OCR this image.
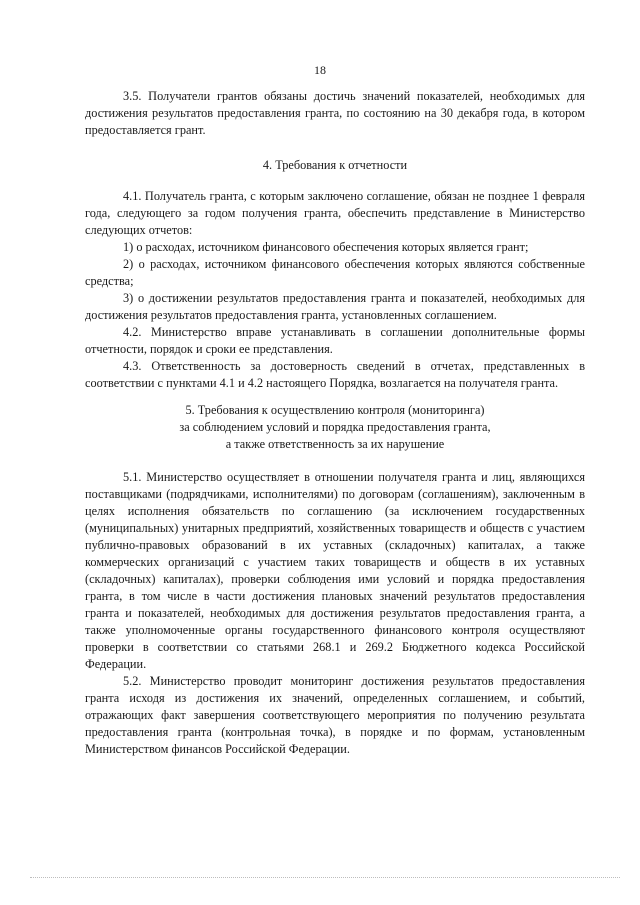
18

3.5. Получатели грантов обязаны достичь значений показателей, необходимых для достижения результатов предоставления гранта, по состоянию на 30 декабря года, в котором предоставляется грант.

4. Требования к отчетности

4.1. Получатель гранта, с которым заключено соглашение, обязан не позднее 1 февраля года, следующего за годом получения гранта, обеспечить представление в Министерство следующих отчетов:

1) о расходах, источником финансового обеспечения которых является грант;

2) о расходах, источником финансового обеспечения которых являются собственные средства;

3) о достижении результатов предоставления гранта и показателей, необходимых для достижения результатов предоставления гранта, установленных соглашением.

4.2. Министерство вправе устанавливать в соглашении дополнительные формы отчетности, порядок и сроки ее представления.

4.3. Ответственность за достоверность сведений в отчетах, представленных в соответствии с пунктами 4.1 и 4.2 настоящего Порядка, возлагается на получателя гранта.

5. Требования к осуществлению контроля (мониторинга)
за соблюдением условий и порядка предоставления гранта,
а также ответственность за их нарушение

5.1. Министерство осуществляет в отношении получателя гранта и лиц, являющихся поставщиками (подрядчиками, исполнителями) по договорам (соглашениям), заключенным в целях исполнения обязательств по соглашению (за исключением государственных (муниципальных) унитарных предприятий, хозяйственных товариществ и обществ с участием публично-правовых образований в их уставных (складочных) капиталах, а также коммерческих организаций с участием таких товариществ и обществ в их уставных (складочных) капиталах), проверки соблюдения ими условий и порядка предоставления гранта, в том числе в части достижения плановых значений результатов предоставления гранта и показателей, необходимых для достижения результатов предоставления гранта, а также уполномоченные органы государственного финансового контроля осуществляют проверки в соответствии со статьями 268.1 и 269.2 Бюджетного кодекса Российской Федерации.

5.2. Министерство проводит мониторинг достижения результатов предоставления гранта исходя из достижения их значений, определенных соглашением, и событий, отражающих факт завершения соответствующего мероприятия по получению результата предоставления гранта (контрольная точка), в порядке и по формам, установленным Министерством финансов Российской Федерации.
